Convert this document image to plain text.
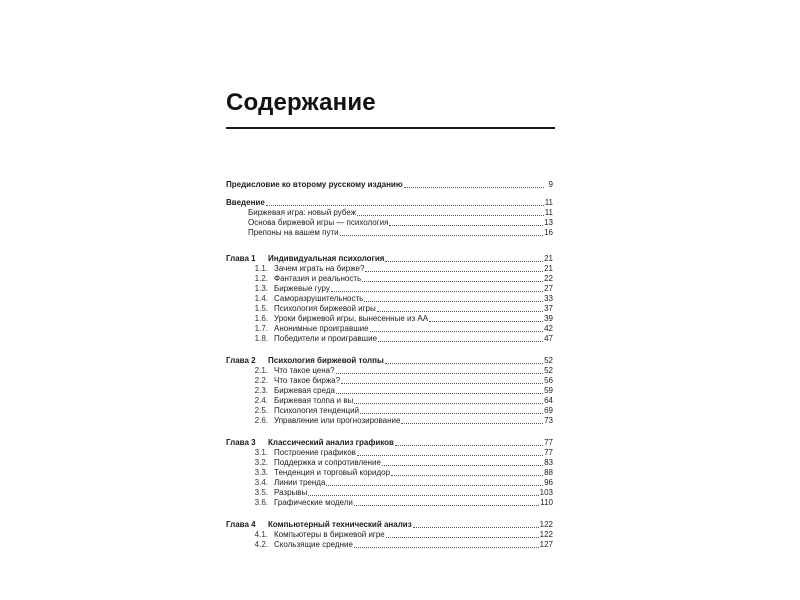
Содержание
Предисловие ко второму русскому изданию	9
Введение	11
Биржевая игра: новый рубеж	11
Основа биржевой игры — психология	13
Препоны на вашем пути	16
Глава 1	Индивидуальная психология	21
1.1. Зачем играть на бирже?	21
1.2. Фантазия и реальность	22
1.3. Биржевые гуру	27
1.4. Саморазрушительность	33
1.5. Психология биржевой игры	37
1.6. Уроки биржевой игры, вынесенные из АА	39
1.7. Анонимные проигравшие	42
1.8. Победители и проигравшие	47
Глава 2	Психология биржевой толпы	52
2.1. Что такое цена?	52
2.2. Что такое биржа?	56
2.3. Биржевая среда	59
2.4. Биржевая толпа и вы	64
2.5. Психология тенденций	69
2.6. Управление или прогнозирование	73
Глава 3	Классический анализ графиков	77
3.1. Построение графиков	77
3.2. Поддержка и сопротивление	83
3.3. Тенденция и торговый коридор	88
3.4. Линии тренда	96
3.5. Разрывы	103
3.6. Графические модели	110
Глава 4	Компьютерный технический анализ	122
4.1. Компьютеры в биржевой игре	122
4.2. Скользящие средние	127
